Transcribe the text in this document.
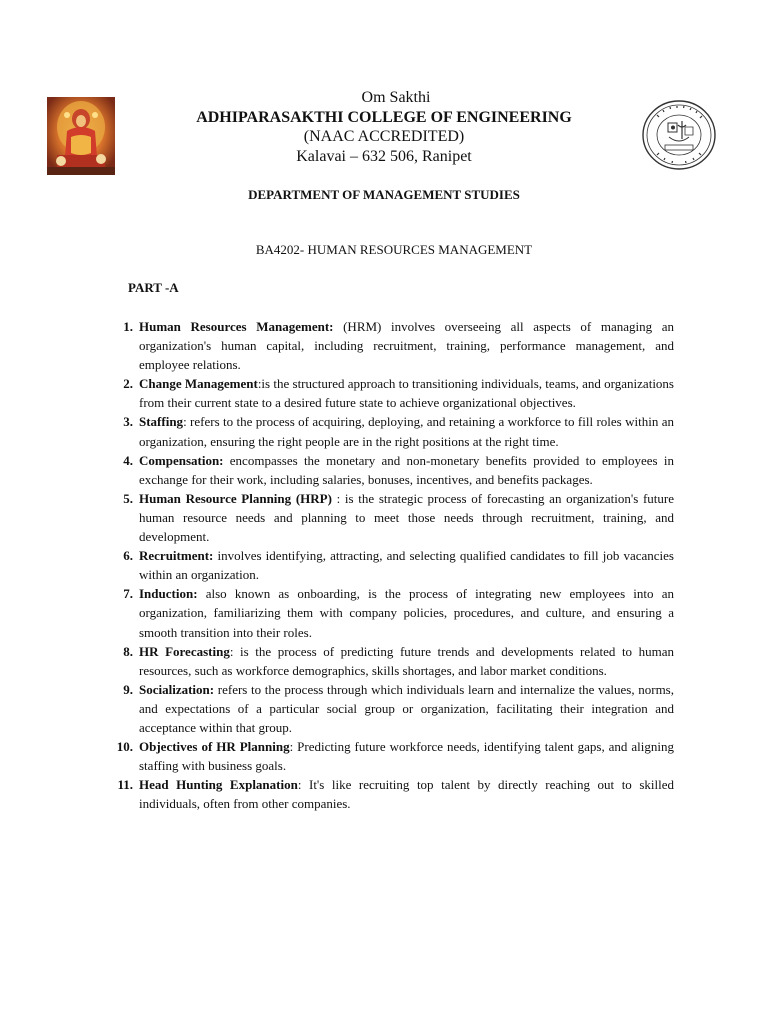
Om Sakthi
ADHIPARASAKTHI COLLEGE OF ENGINEERING
(NAAC ACCREDITED)
Kalavai – 632 506, Ranipet
DEPARTMENT OF MANAGEMENT STUDIES
BA4202- HUMAN RESOURCES MANAGEMENT
PART -A
1. Human Resources Management: (HRM) involves overseeing all aspects of managing an organization's human capital, including recruitment, training, performance management, and employee relations.
2. Change Management:is the structured approach to transitioning individuals, teams, and organizations from their current state to a desired future state to achieve organizational objectives.
3. Staffing: refers to the process of acquiring, deploying, and retaining a workforce to fill roles within an organization, ensuring the right people are in the right positions at the right time.
4. Compensation: encompasses the monetary and non-monetary benefits provided to employees in exchange for their work, including salaries, bonuses, incentives, and benefits packages.
5. Human Resource Planning (HRP) : is the strategic process of forecasting an organization's future human resource needs and planning to meet those needs through recruitment, training, and development.
6. Recruitment: involves identifying, attracting, and selecting qualified candidates to fill job vacancies within an organization.
7. Induction: also known as onboarding, is the process of integrating new employees into an organization, familiarizing them with company policies, procedures, and culture, and ensuring a smooth transition into their roles.
8. HR Forecasting: is the process of predicting future trends and developments related to human resources, such as workforce demographics, skills shortages, and labor market conditions.
9. Socialization: refers to the process through which individuals learn and internalize the values, norms, and expectations of a particular social group or organization, facilitating their integration and acceptance within that group.
10. Objectives of HR Planning: Predicting future workforce needs, identifying talent gaps, and aligning staffing with business goals.
11. Head Hunting Explanation: It's like recruiting top talent by directly reaching out to skilled individuals, often from other companies.
